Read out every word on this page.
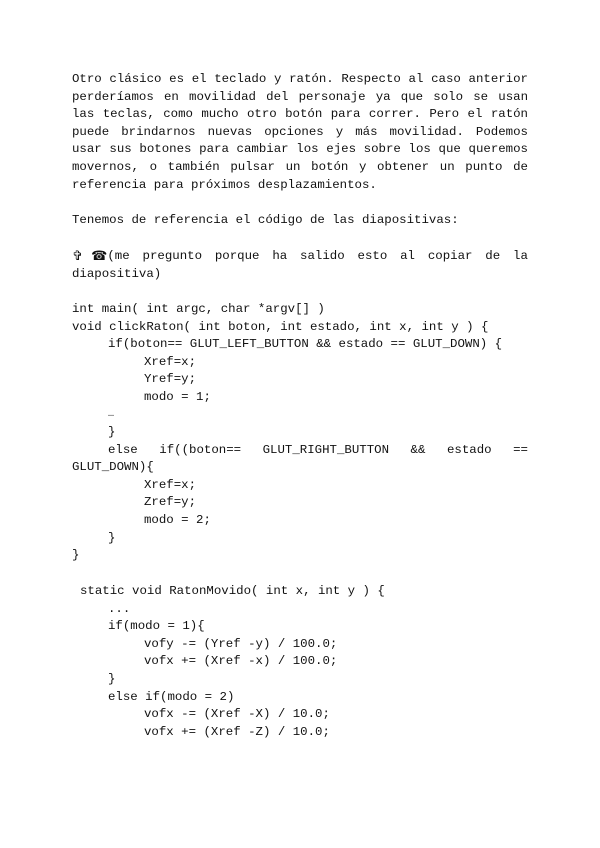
Otro clásico es el teclado y ratón. Respecto al caso anterior perderíamos en movilidad del personaje ya que solo se usan las teclas, como mucho otro botón para correr. Pero el ratón puede brindarnos nuevas opciones y más movilidad. Podemos usar sus botones para cambiar los ejes sobre los que queremos movernos, o también pulsar un botón y obtener un punto de referencia para próximos desplazamientos.

Tenemos de referencia el código de las diapositivas:

✞  ☎ (me pregunto porque ha salido esto al copiar de la

diapositiva)

int main( int argc, char *argv[] )

void clickRaton( int boton, int estado, int x, int y ) {

if(boton== GLUT_LEFT_BUTTON && estado == GLUT_DOWN) {

Xref=x;

Yref=y;

modo = 1;

…

}

else if((boton== GLUT_RIGHT_BUTTON && estado ==

GLUT_DOWN){

Xref=x;

Zref=y;

modo = 2;

}

}

static void RatonMovido( int x, int y ) {

...

if(modo = 1){

vofy -= (Yref -y) / 100.0;

vofx += (Xref -x) / 100.0;

}

else if(modo = 2)

vofx -= (Xref -X) / 10.0;

vofx += (Xref -Z) / 10.0;
